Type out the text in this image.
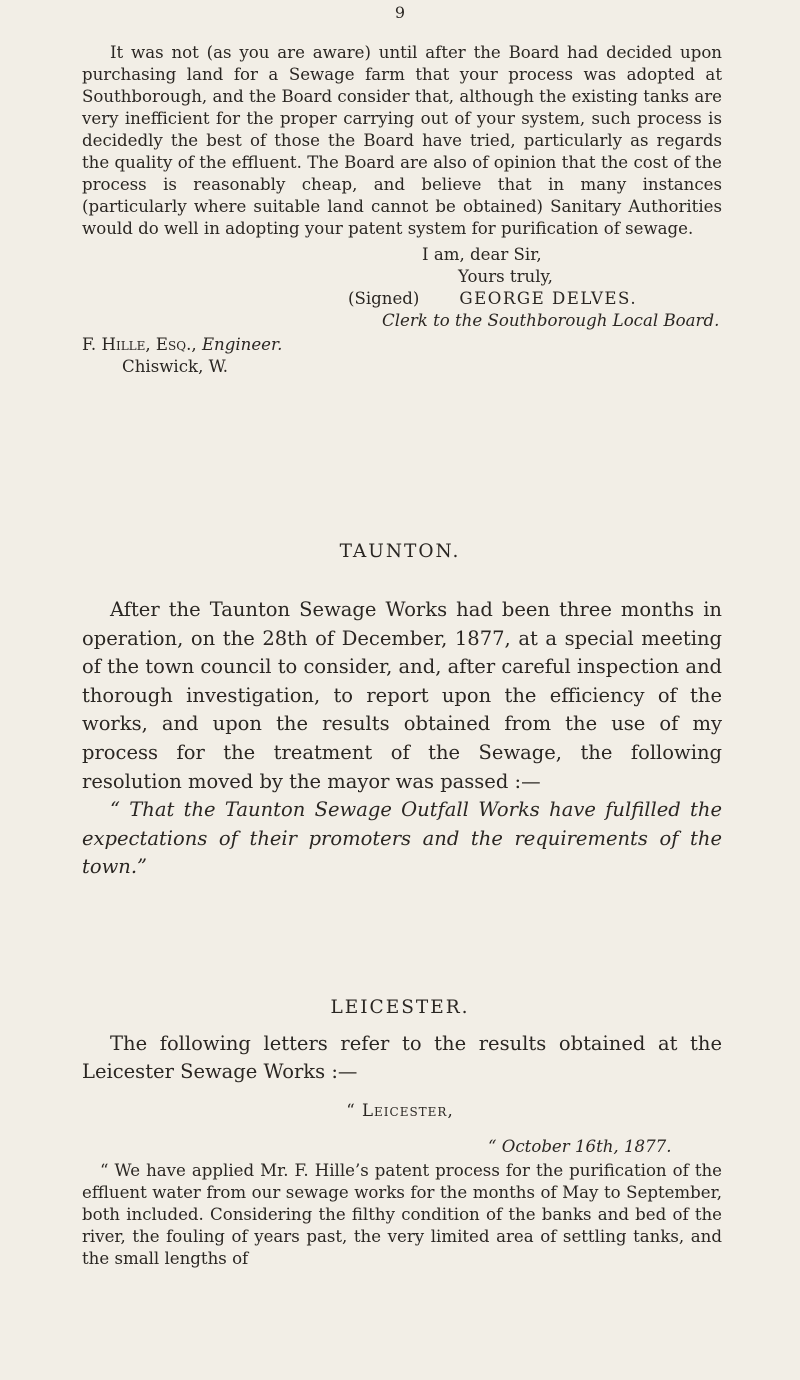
9

It was not (as you are aware) until after the Board had decided upon purchasing land for a Sewage farm that your process was adopted at Southborough, and the Board consider that, although the existing tanks are very inefficient for the proper carrying out of your system, such process is decidedly the best of those the Board have tried, particularly as regards the quality of the effluent. The Board are also of opinion that the cost of the process is reasonably cheap, and believe that in many instances (particularly where suitable land cannot be obtained) Sanitary Authorities would do well in adopting your patent system for purification of sewage.

I am, dear Sir,
Yours truly,
(Signed) GEORGE DELVES.
Clerk to the Southborough Local Board.
F. Hille, Esq., Engineer.
Chiswick, W.
TAUNTON.

After the Taunton Sewage Works had been three months in operation, on the 28th of December, 1877, at a special meeting of the town council to consider, and, after careful inspection and thorough investigation, to report upon the efficiency of the works, and upon the results obtained from the use of my process for the treatment of the Sewage, the following resolution moved by the mayor was passed :—

“ That the Taunton Sewage Outfall Works have fulfilled the expectations of their promoters and the requirements of the town.”

LEICESTER.

The following letters refer to the results obtained at the Leicester Sewage Works :—

“ Leicester,
“ October 16th, 1877.

“ We have applied Mr. F. Hille’s patent process for the purification of the effluent water from our sewage works for the months of May to September, both included. Considering the filthy condition of the banks and bed of the river, the fouling of years past, the very limited area of settling tanks, and the small lengths of
